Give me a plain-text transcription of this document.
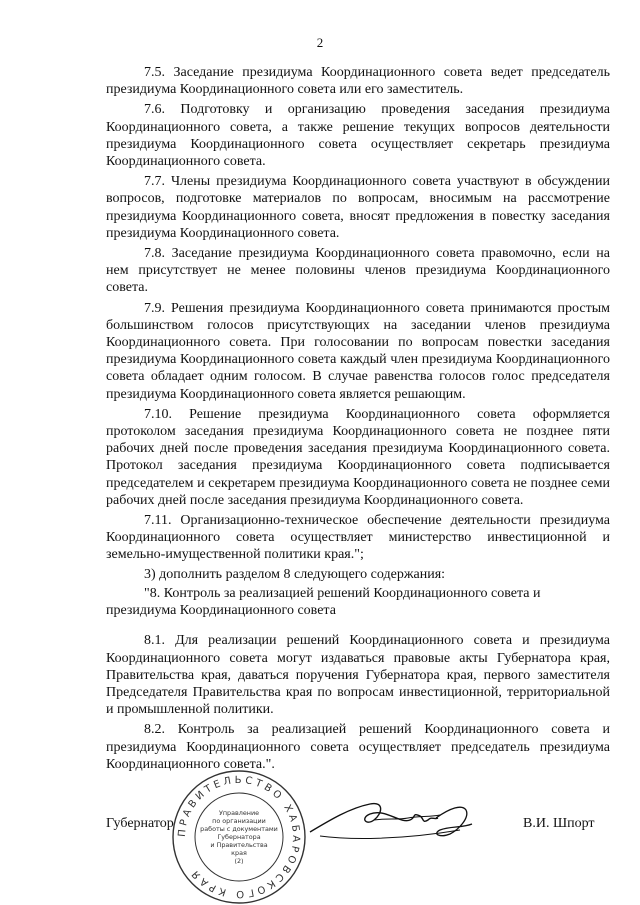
2

7.5. Заседание президиума Координационного совета ведет председатель президиума Координационного совета или его заместитель.

7.6. Подготовку и организацию проведения заседания президиума Координационного совета, а также решение текущих вопросов деятельности президиума Координационного совета осуществляет секретарь президиума Координационного совета.

7.7. Члены президиума Координационного совета участвуют в обсуждении вопросов, подготовке материалов по вопросам, вносимым на рассмотрение президиума Координационного совета, вносят предложения в повестку заседания президиума Координационного совета.

7.8. Заседание президиума Координационного совета правомочно, если на нем присутствует не менее половины членов президиума Координационного совета.

7.9. Решения президиума Координационного совета принимаются простым большинством голосов присутствующих на заседании членов президиума Координационного совета. При голосовании по вопросам повестки заседания президиума Координационного совета каждый член президиума Координационного совета обладает одним голосом. В случае равенства голосов голос председателя президиума Координационного совета является решающим.

7.10. Решение президиума Координационного совета оформляется протоколом заседания президиума Координационного совета не позднее пяти рабочих дней после проведения заседания президиума Координационного совета. Протокол заседания президиума Координационного совета подписывается председателем и секретарем президиума Координационного совета не позднее семи рабочих дней после заседания президиума Координационного совета.

7.11. Организационно-техническое обеспечение деятельности президиума Координационного совета осуществляет министерство инвестиционной и земельно-имущественной политики края.";

3) дополнить разделом 8 следующего содержания:

"8. Контроль за реализацией решений Координационного совета и президиума Координационного совета

8.1. Для реализации решений Координационного совета и президиума Координационного совета могут издаваться правовые акты Губернатора края, Правительства края, даваться поручения Губернатора края, первого заместителя Председателя Правительства края по вопросам инвестиционной, территориальной и промышленной политики.

8.2. Контроль за реализацией решений Координационного совета и президиума Координационного совета осуществляет председатель президиума Координационного совета.".

Губернатор	В.И. Шпорт
ПРАВИТЕЛЬСТВО ХАБАРОВСКОГО КРАЯ
Управление
по организации
работы с документами
Губернатора
и Правительства
края
(2)
